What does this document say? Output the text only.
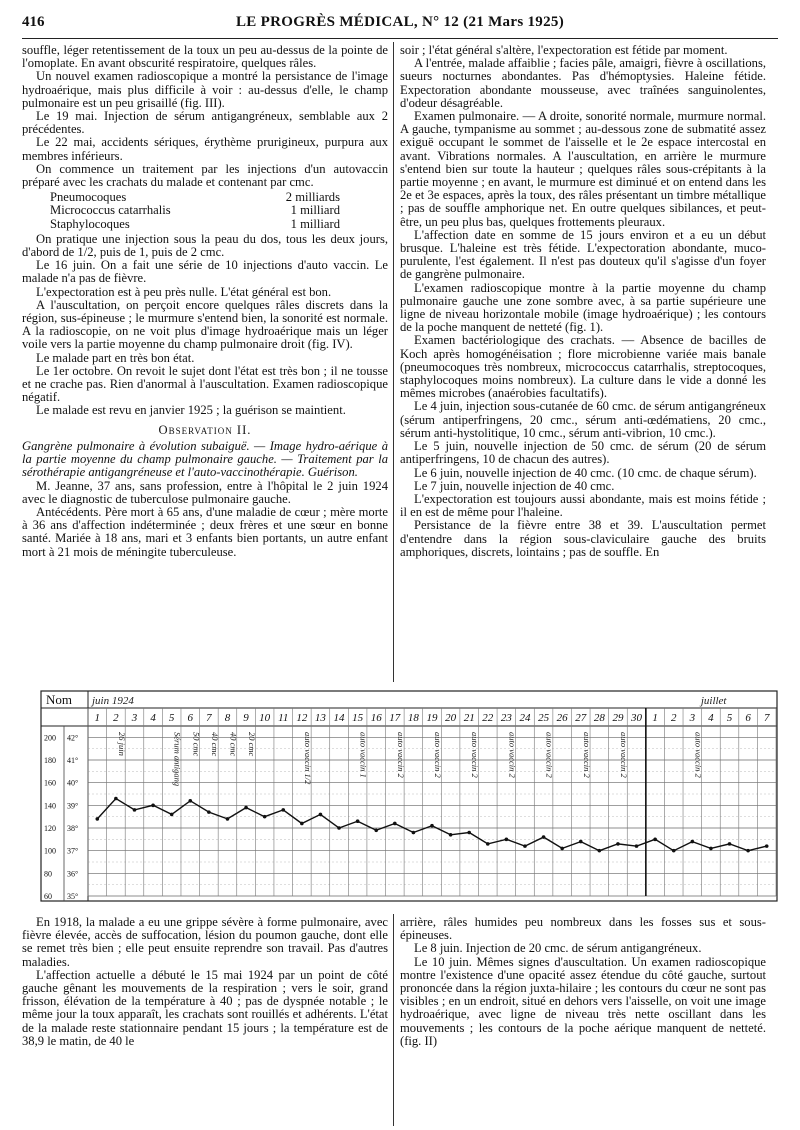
416	LE PROGRÈS MÉDICAL, N° 12 (21 Mars 1925)

souffle, léger retentissement de la toux un peu au-dessus de la pointe de l'omoplate. En avant obscurité respiratoire, quelques râles.

Un nouvel examen radioscopique a montré la persistance de l'image hydroaérique, mais plus difficile à voir : au-dessus d'elle, le champ pulmonaire est un peu grisaillé (fig. III).

Le 19 mai. Injection de sérum antigangréneux, semblable aux 2 précédentes.

Le 22 mai, accidents sériques, érythème prurigineux, purpura aux membres inférieurs.

On commence un traitement par les injections d'un autovaccin préparé avec les crachats du malade et contenant par cmc.

Pneumocoques	2 milliards
Micrococcus catarrhalis	1 milliard
Staphylocoques	1 milliard

On pratique une injection sous la peau du dos, tous les deux jours, d'abord de 1/2, puis de 1, puis de 2 cmc.

Le 16 juin. On a fait une série de 10 injections d'auto vaccin. Le malade n'a pas de fièvre.

L'expectoration est à peu près nulle. L'état général est bon.

A l'auscultation, on perçoit encore quelques râles discrets dans la région, sus-épineuse ; le murmure s'entend bien, la sonorité est normale. A la radioscopie, on ne voit plus d'image hydroaérique mais un léger voile vers la partie moyenne du champ pulmonaire droit (fig. IV).

Le malade part en très bon état.

Le 1er octobre. On revoit le sujet dont l'état est très bon ; il ne tousse et ne crache pas. Rien d'anormal à l'auscultation. Examen radioscopique négatif.

Le malade est revu en janvier 1925 ; la guérison se maintient.

Observation II.

Gangrène pulmonaire à évolution subaiguë. — Image hydro-aérique à la partie moyenne du champ pulmonaire gauche. — Traitement par la sérothérapie antigangréneuse et l'auto-vaccinothérapie. Guérison.

M. Jeanne, 37 ans, sans profession, entre à l'hôpital le 2 juin 1924 avec le diagnostic de tuberculose pulmonaire gauche.

Antécédents. Père mort à 65 ans, d'une maladie de cœur ; mère morte à 36 ans d'affection indéterminée ; deux frères et une sœur en bonne santé. Mariée à 18 ans, mari et 3 enfants bien portants, un autre enfant mort à 21 mois de méningite tuberculeuse.

soir ; l'état général s'altère, l'expectoration est fétide par moment.

A l'entrée, malade affaiblie ; facies pâle, amaigri, fièvre à oscillations, sueurs nocturnes abondantes. Pas d'hémoptysies. Haleine fétide. Expectoration abondante mousseuse, avec traînées sanguinolentes, d'odeur désagréable.

Examen pulmonaire. — A droite, sonorité normale, murmure normal. A gauche, tympanisme au sommet ; au-dessous zone de submatité assez exiguë occupant le sommet de l'aisselle et le 2e espace intercostal en avant. Vibrations normales. A l'auscultation, en arrière le murmure s'entend bien sur toute la hauteur ; quelques râles sous-crépitants à la partie moyenne ; en avant, le murmure est diminué et on entend dans les 2e et 3e espaces, après la toux, des râles présentant un timbre métallique ; pas de souffle amphorique net. En outre quelques sibilances, et peut-être, un peu plus bas, quelques frottements pleuraux.

L'affection date en somme de 15 jours environ et a eu un début brusque. L'haleine est très fétide. L'expectoration abondante, muco-purulente, l'est également. Il n'est pas douteux qu'il s'agisse d'un foyer de gangrène pulmonaire.

L'examen radioscopique montre à la partie moyenne du champ pulmonaire gauche une zone sombre avec, à sa partie supérieure une ligne de niveau horizontale mobile (image hydroaérique) ; les contours de la poche manquent de netteté (fig. 1).

Examen bactériologique des crachats. — Absence de bacilles de Koch après homogénéisation ; flore microbienne variée mais banale (pneumocoques très nombreux, micrococcus catarrhalis, streptocoques, staphylocoques moins nombreux). La culture dans le vide a donné les mêmes microbes (anaérobies facultatifs).

Le 4 juin, injection sous-cutanée de 60 cmc. de sérum antigangréneux (sérum antiperfringens, 20 cmc., sérum anti-œdématiens, 20 cmc., sérum anti-hystolitique, 10 cmc., sérum anti-vibrion, 10 cmc.).

Le 5 juin, nouvelle injection de 50 cmc. de sérum (20 de sérum antiperfringens, 10 de chacun des autres).

Le 6 juin, nouvelle injection de 40 cmc. (10 cmc. de chaque sérum).

Le 7 juin, nouvelle injection de 40 cmc.

L'expectoration est toujours aussi abondante, mais est moins fétide ; il en est de même pour l'haleine.

Persistance de la fièvre entre 38 et 39. L'auscultation permet d'entendre dans la région sous-claviculaire gauche des bruits amphoriques, discrets, lointains ; pas de souffle. En

Nom juin 1924	juillet
1 2 3 4 5 6 7 8 9 10 11 12 13 14 15 16 17 18 19 20 21 22 23 24 25 26 27 28 29 30 1 2 3 4 5 6 7
200 42°
180 41°
160 40°
140 39°
120 38°
100 37°
80 36°
60 35°
26 juin	Sérum antigang 50 cmc 40 cmc 40 cmc 20 cmc	auto vaccin 1/2	auto vaccin 1	auto vaccin 2	auto vaccin 2	auto vaccin 2	auto vaccin 2	auto vaccin 2	auto vaccin 2	auto vaccin 2	auto vaccin 2

En 1918, la malade a eu une grippe sévère à forme pulmonaire, avec fièvre élevée, accès de suffocation, lésion du poumon gauche, dont elle se remet très bien ; elle peut ensuite reprendre son travail. Pas d'autres maladies.

L'affection actuelle a débuté le 15 mai 1924 par un point de côté gauche gênant les mouvements de la respiration ; vers le soir, grand frisson, élévation de la température à 40 ; pas de dyspnée notable ; le même jour la toux apparaît, les crachats sont rouillés et adhérents. L'état de la malade reste stationnaire pendant 15 jours ; la température est de 38,9 le matin, de 40 le

arrière, râles humides peu nombreux dans les fosses sus et sous-épineuses.

Le 8 juin. Injection de 20 cmc. de sérum antigangréneux.

Le 10 juin. Mêmes signes d'auscultation. Un examen radioscopique montre l'existence d'une opacité assez étendue du côté gauche, surtout prononcée dans la région juxta-hilaire ; les contours du cœur ne sont pas visibles ; en un endroit, situé en dehors vers l'aisselle, on voit une image hydroaérique, avec ligne de niveau très nette oscillant dans les mouvements ; les contours de la poche aérique manquent de netteté. (fig. II)
